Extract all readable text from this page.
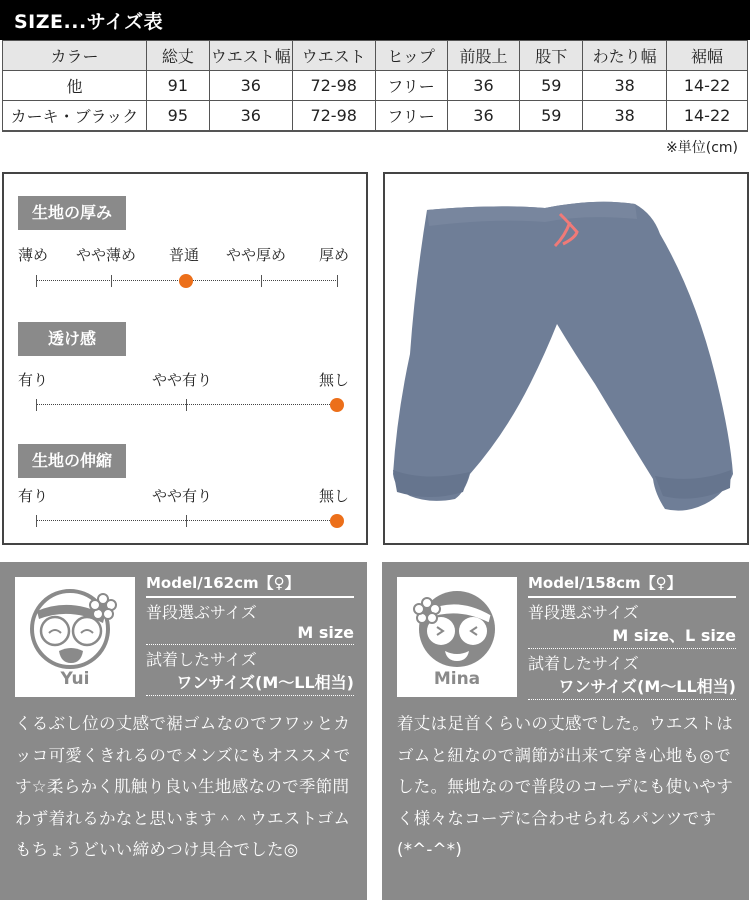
SIZE...サイズ表
カラー	総丈	ウエスト幅	ウエスト	ヒップ	前股上	股下	わたり幅	裾幅
他	91	36	72-98	フリー	36	59	38	14-22
カーキ・ブラック	95	36	72-98	フリー	36	59	38	14-22
※単位(cm)
生地の厚み
薄め やや薄め 普通 やや厚め 厚め
透け感
有り	やや有り	無し
生地の伸縮
有り	やや有り	無し
Yui
Model/162cm【♀】
普段選ぶサイズ
M size
試着したサイズ
ワンサイズ(M〜LL相当)
くるぶし位の丈感で裾ゴムなのでフワッとカッコ可愛くきれるのでメンズにもオススメです☆柔らかく肌触り良い生地感なので季節問わず着れるかなと思います＾＾ウエストゴムもちょうどいい締めつけ具合でした◎
Mina
Model/158cm【♀】
普段選ぶサイズ
M size、L size
試着したサイズ
ワンサイズ(M〜LL相当)
着丈は足首くらいの丈感でした。ウエストはゴムと紐なので調節が出来て穿き心地も◎でした。無地なので普段のコーデにも使いやすく様々なコーデに合わせられるパンツです(*^-^*)
